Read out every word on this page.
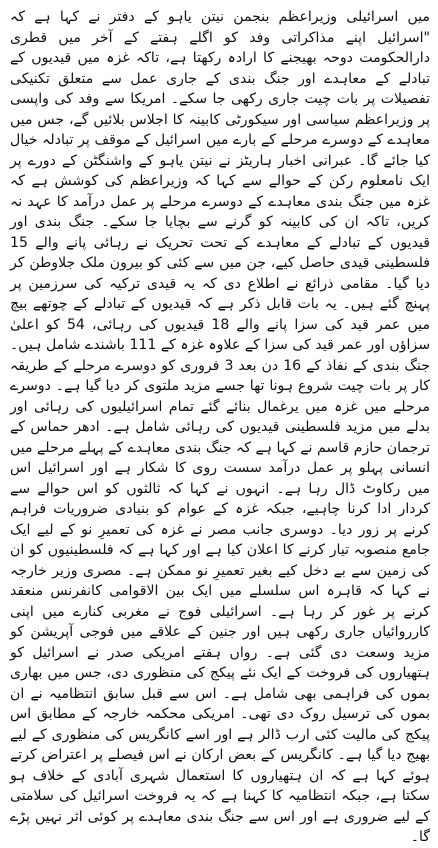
میں اسرائیلی وزیراعظم بنجمن نیتن یاہو کے دفتر نے کہا ہے کہ "اسرائیل اپنے مذاکراتی وفد کو اگلے ہفتے کے آخر میں قطری دارالحکومت دوحہ بھیجنے کا ارادہ رکھتا ہے، تاکہ غزہ میں قیدیوں کے تبادلے کے معاہدے اور جنگ بندی کے جاری عمل سے متعلق تکنیکی تفصیلات پر بات چیت جاری رکھی جا سکے۔ امریکا سے وفد کی واپسی پر وزیراعظم سیاسی اور سیکورٹی کابینہ کا اجلاس بلائیں گے، جس میں معاہدے کے دوسرے مرحلے کے بارے میں اسرائیل کے موقف پر تبادلہ خیال کیا جائے گا۔ عبرانی اخبار ہاریٹز نے نیتن یاہو کے واشنگٹن کے دورے پر ایک نامعلوم رکن کے حوالے سے کہا کہ وزیراعظم کی کوشش ہے کہ غزہ میں جنگ بندی معاہدے کے دوسرے مرحلے پر عمل درآمد کا عہد نہ کریں، تاکہ ان کی کابینہ کو گرنے سے بچایا جا سکے۔ جنگ بندی اور قیدیوں کے تبادلے کے معاہدے کے تحت تحریک نے رہائی پانے والے 15 فلسطینی قیدی حاصل کیے، جن میں سے کئی کو بیرون ملک جلاوطن کر دیا گیا۔ مقامی ذرائع نے اطلاع دی کہ یہ قیدی ترکیہ کی سرزمین پر پہنچ گئے ہیں۔ یہ بات قابل ذکر ہے کہ قیدیوں کے تبادلے کے چوتھے بیچ میں عمر قید کی سزا پانے والے 18 قیدیوں کی رہائی، 54 کو اعلیٰ سزاؤں اور عمر قید کی سزا کے علاوہ غزہ کے 111 باشندے شامل ہیں۔ جنگ بندی کے نفاذ کے 16 دن بعد 3 فروری کو دوسرے مرحلے کے طریقہ کار پر بات چیت شروع ہونا تھا جسے مزید ملتوی کر دیا گیا ہے۔ دوسرے مرحلے میں غزہ میں یرغمال بنائے گئے تمام اسرائیلیوں کی رہائی اور بدلے میں مزید فلسطینی قیدیوں کی رہائی شامل ہے۔ ادھر حماس کے ترجمان حازم قاسم نے کہا ہے کہ جنگ بندی معاہدے کے پہلے مرحلے میں انسانی پہلو پر عمل درآمد سست روی کا شکار ہے اور اسرائیل اس میں رکاوٹ ڈال رہا ہے۔ انہوں نے کہا کہ ثالثوں کو اس حوالے سے کردار ادا کرنا چاہیے، جبکہ غزہ کے عوام کو بنیادی ضروریات فراہم کرنے پر زور دیا۔ دوسری جانب مصر نے غزہ کی تعمیرِ نو کے لیے ایک جامع منصوبہ تیار کرنے کا اعلان کیا ہے اور کہا ہے کہ فلسطینیوں کو ان کی زمین سے بے دخل کیے بغیر تعمیرِ نو ممکن ہے۔ مصری وزیر خارجہ نے کہا کہ قاہرہ اس سلسلے میں ایک بین الاقوامی کانفرنس منعقد کرنے پر غور کر رہا ہے۔ اسرائیلی فوج نے مغربی کنارے میں اپنی کارروائیاں جاری رکھی ہیں اور جنین کے علاقے میں فوجی آپریشن کو مزید وسعت دی گئی ہے۔ رواں ہفتے امریکی صدر نے اسرائیل کو ہتھیاروں کی فروخت کے ایک نئے پیکج کی منظوری دی، جس میں بھاری بموں کی فراہمی بھی شامل ہے۔ اس سے قبل سابق انتظامیہ نے ان بموں کی ترسیل روک دی تھی۔ امریکی محکمہ خارجہ کے مطابق اس پیکج کی مالیت کئی ارب ڈالر ہے اور اسے کانگریس کی منظوری کے لیے بھیج دیا گیا ہے۔ کانگریس کے بعض ارکان نے اس فیصلے پر اعتراض کرتے ہوئے کہا ہے کہ ان ہتھیاروں کا استعمال شہری آبادی کے خلاف ہو سکتا ہے، جبکہ انتظامیہ کا کہنا ہے کہ یہ فروخت اسرائیل کی سلامتی کے لیے ضروری ہے اور اس سے جنگ بندی معاہدے پر کوئی اثر نہیں پڑے گا۔
